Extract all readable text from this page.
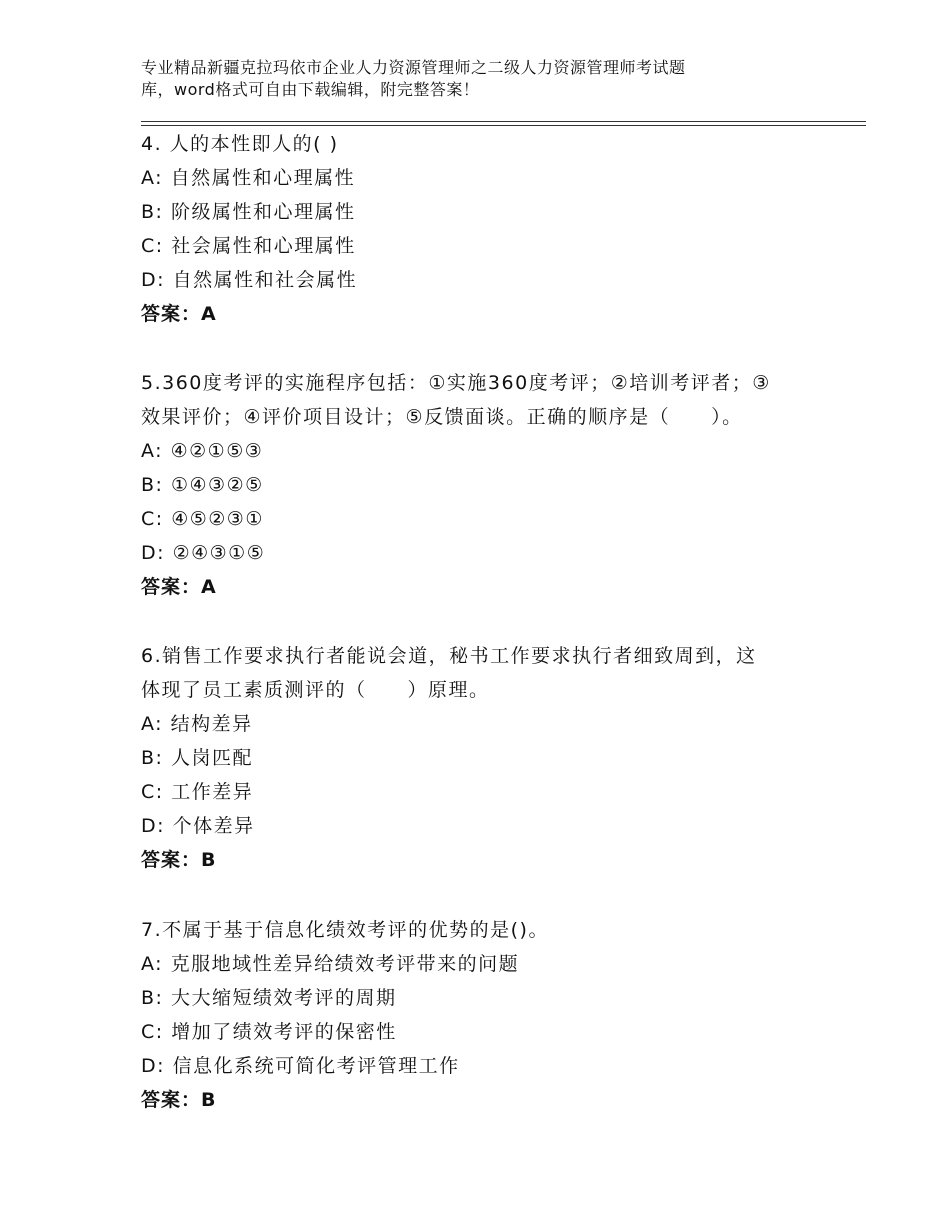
专业精品新疆克拉玛依市企业人力资源管理师之二级人力资源管理师考试题
库，word格式可自由下载编辑，附完整答案！
4. 人的本性即人的( )
A: 自然属性和心理属性
B: 阶级属性和心理属性
C: 社会属性和心理属性
D: 自然属性和社会属性
答案：A
5.360度考评的实施程序包括：①实施360度考评；②培训考评者；③
效果评价；④评价项目设计；⑤反馈面谈。正确的顺序是（　　）。
A: ④②①⑤③
B: ①④③②⑤
C: ④⑤②③①
D: ②④③①⑤
答案：A
6.销售工作要求执行者能说会道，秘书工作要求执行者细致周到，这
体现了员工素质测评的（　　）原理。
A: 结构差异
B: 人岗匹配
C: 工作差异
D: 个体差异
答案：B
7.不属于基于信息化绩效考评的优势的是()。
A: 克服地域性差异给绩效考评带来的问题
B: 大大缩短绩效考评的周期
C: 增加了绩效考评的保密性
D: 信息化系统可简化考评管理工作
答案：B
